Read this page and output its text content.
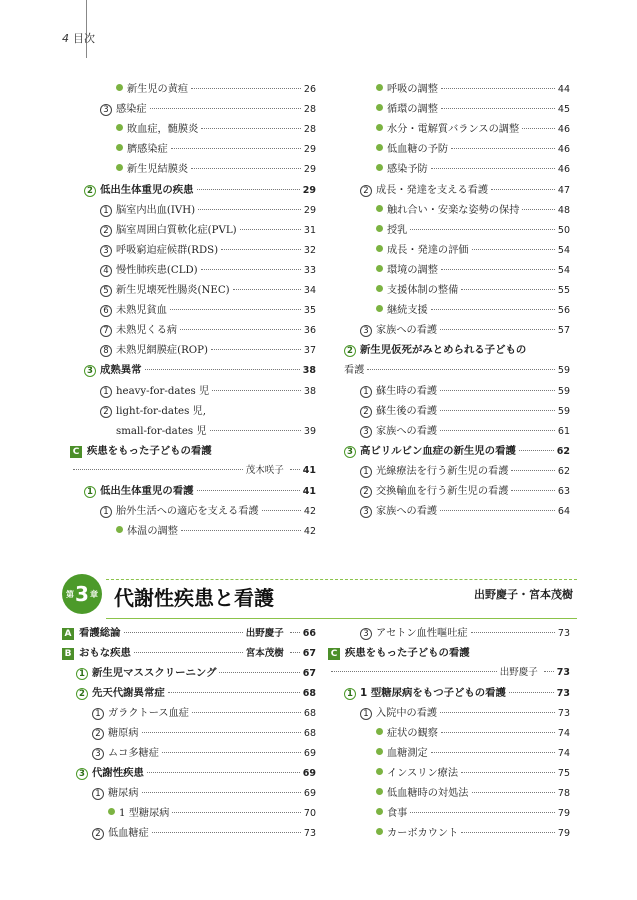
4 目次
新生児の黄疸	26
3 感染症	28
敗血症，髄膜炎	28
臍感染症	29
新生児結膜炎	29
2 低出生体重児の疾患	29
1 脳室内出血(IVH)	29
2 脳室周囲白質軟化症(PVL)	31
3 呼吸窮迫症候群(RDS)	32
4 慢性肺疾患(CLD)	33
5 新生児壊死性腸炎(NEC)	34
6 未熟児貧血	35
7 未熟児くる病	36
8 未熟児網膜症(ROP)	37
3 成熟異常	38
1 heavy-for-dates 児	38
2 light-for-dates 児,
small-for-dates 児	39
C 疾患をもった子どもの看護
茂木咲子 41
1 低出生体重児の看護	41
1 胎外生活への適応を支える看護	42
体温の調整	42
呼吸の調整	44
循環の調整	45
水分・電解質バランスの調整	46
低血糖の予防	46
感染予防	46
2 成長・発達を支える看護	47
触れ合い・安楽な姿勢の保持	48
授乳	50
成長・発達の評価	54
環境の調整	54
支援体制の整備	55
継続支援	56
3 家族への看護	57
2 新生児仮死がみとめられる子どもの
看護	59
1 蘇生時の看護	59
2 蘇生後の看護	59
3 家族への看護	61
3 高ビリルビン血症の新生児の看護	62
1 光線療法を行う新生児の看護	62
2 交換輸血を行う新生児の看護	63
3 家族への看護	64
第 3 章 代謝性疾患と看護	出野慶子・宮本茂樹
A 看護総論	出野慶子 66
B おもな疾患	宮本茂樹 67
1 新生児マススクリーニング	67
2 先天代謝異常症	68
1 ガラクトース血症	68
2 糖原病	68
3 ムコ多糖症	69
3 代謝性疾患	69
1 糖尿病	69
1 型糖尿病	70
2 低血糖症	73
3 アセトン血性嘔吐症	73
C 疾患をもった子どもの看護
出野慶子 73
1 1 型糖尿病をもつ子どもの看護	73
1 入院中の看護	73
症状の観察	74
血糖測定	74
インスリン療法	75
低血糖時の対処法	78
食事	79
カーボカウント	79
